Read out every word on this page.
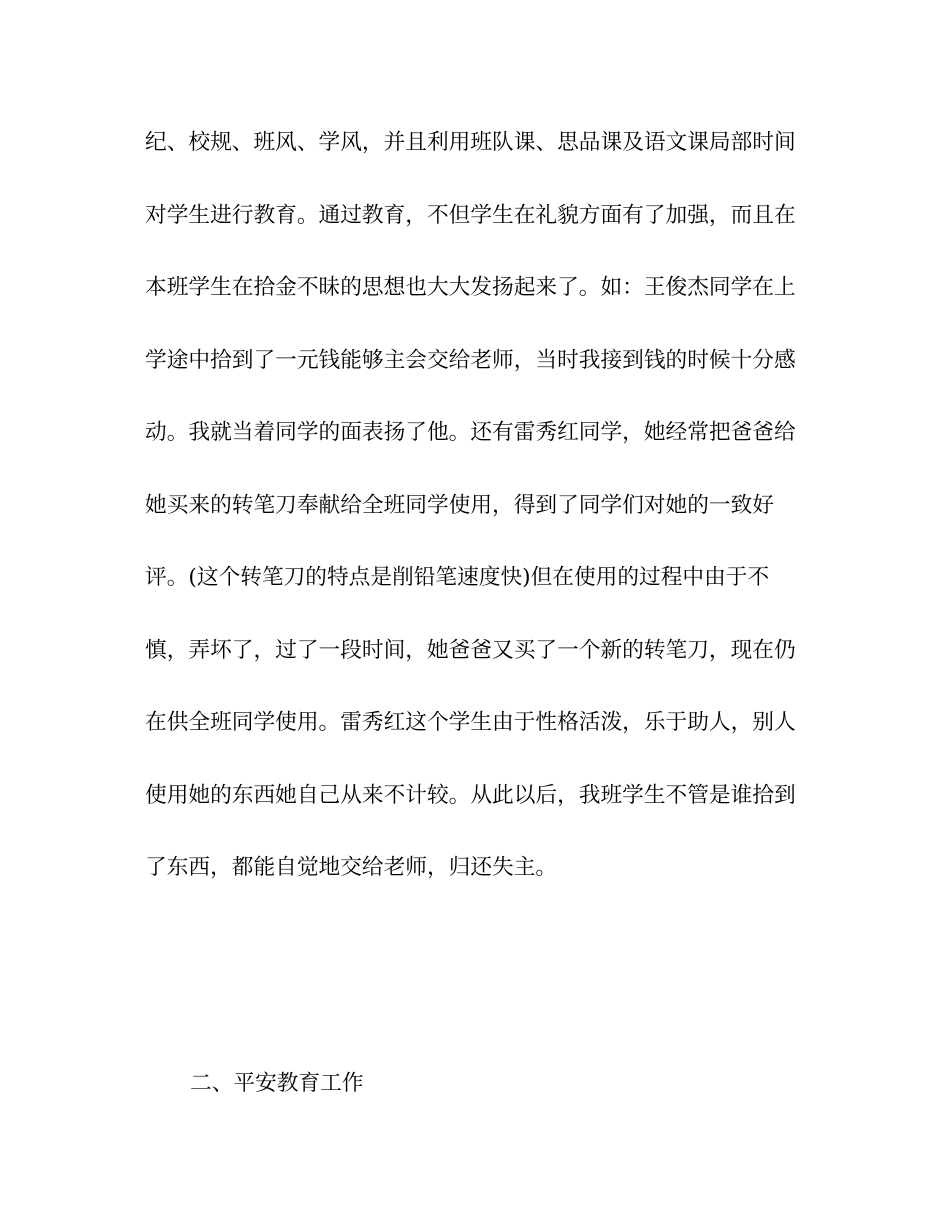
纪、校规、班风、学风，并且利用班队课、思品课及语文课局部时间
对学生进行教育。通过教育，不但学生在礼貌方面有了加强，而且在
本班学生在拾金不昧的思想也大大发扬起来了。如：王俊杰同学在上
学途中拾到了一元钱能够主会交给老师，当时我接到钱的时候十分感
动。我就当着同学的面表扬了他。还有雷秀红同学，她经常把爸爸给
她买来的转笔刀奉献给全班同学使用，得到了同学们对她的一致好
评。(这个转笔刀的特点是削铅笔速度快)但在使用的过程中由于不
慎，弄坏了，过了一段时间，她爸爸又买了一个新的转笔刀，现在仍
在供全班同学使用。雷秀红这个学生由于性格活泼，乐于助人，别人
使用她的东西她自己从来不计较。从此以后，我班学生不管是谁拾到
了东西，都能自觉地交给老师，归还失主。
二、平安教育工作
